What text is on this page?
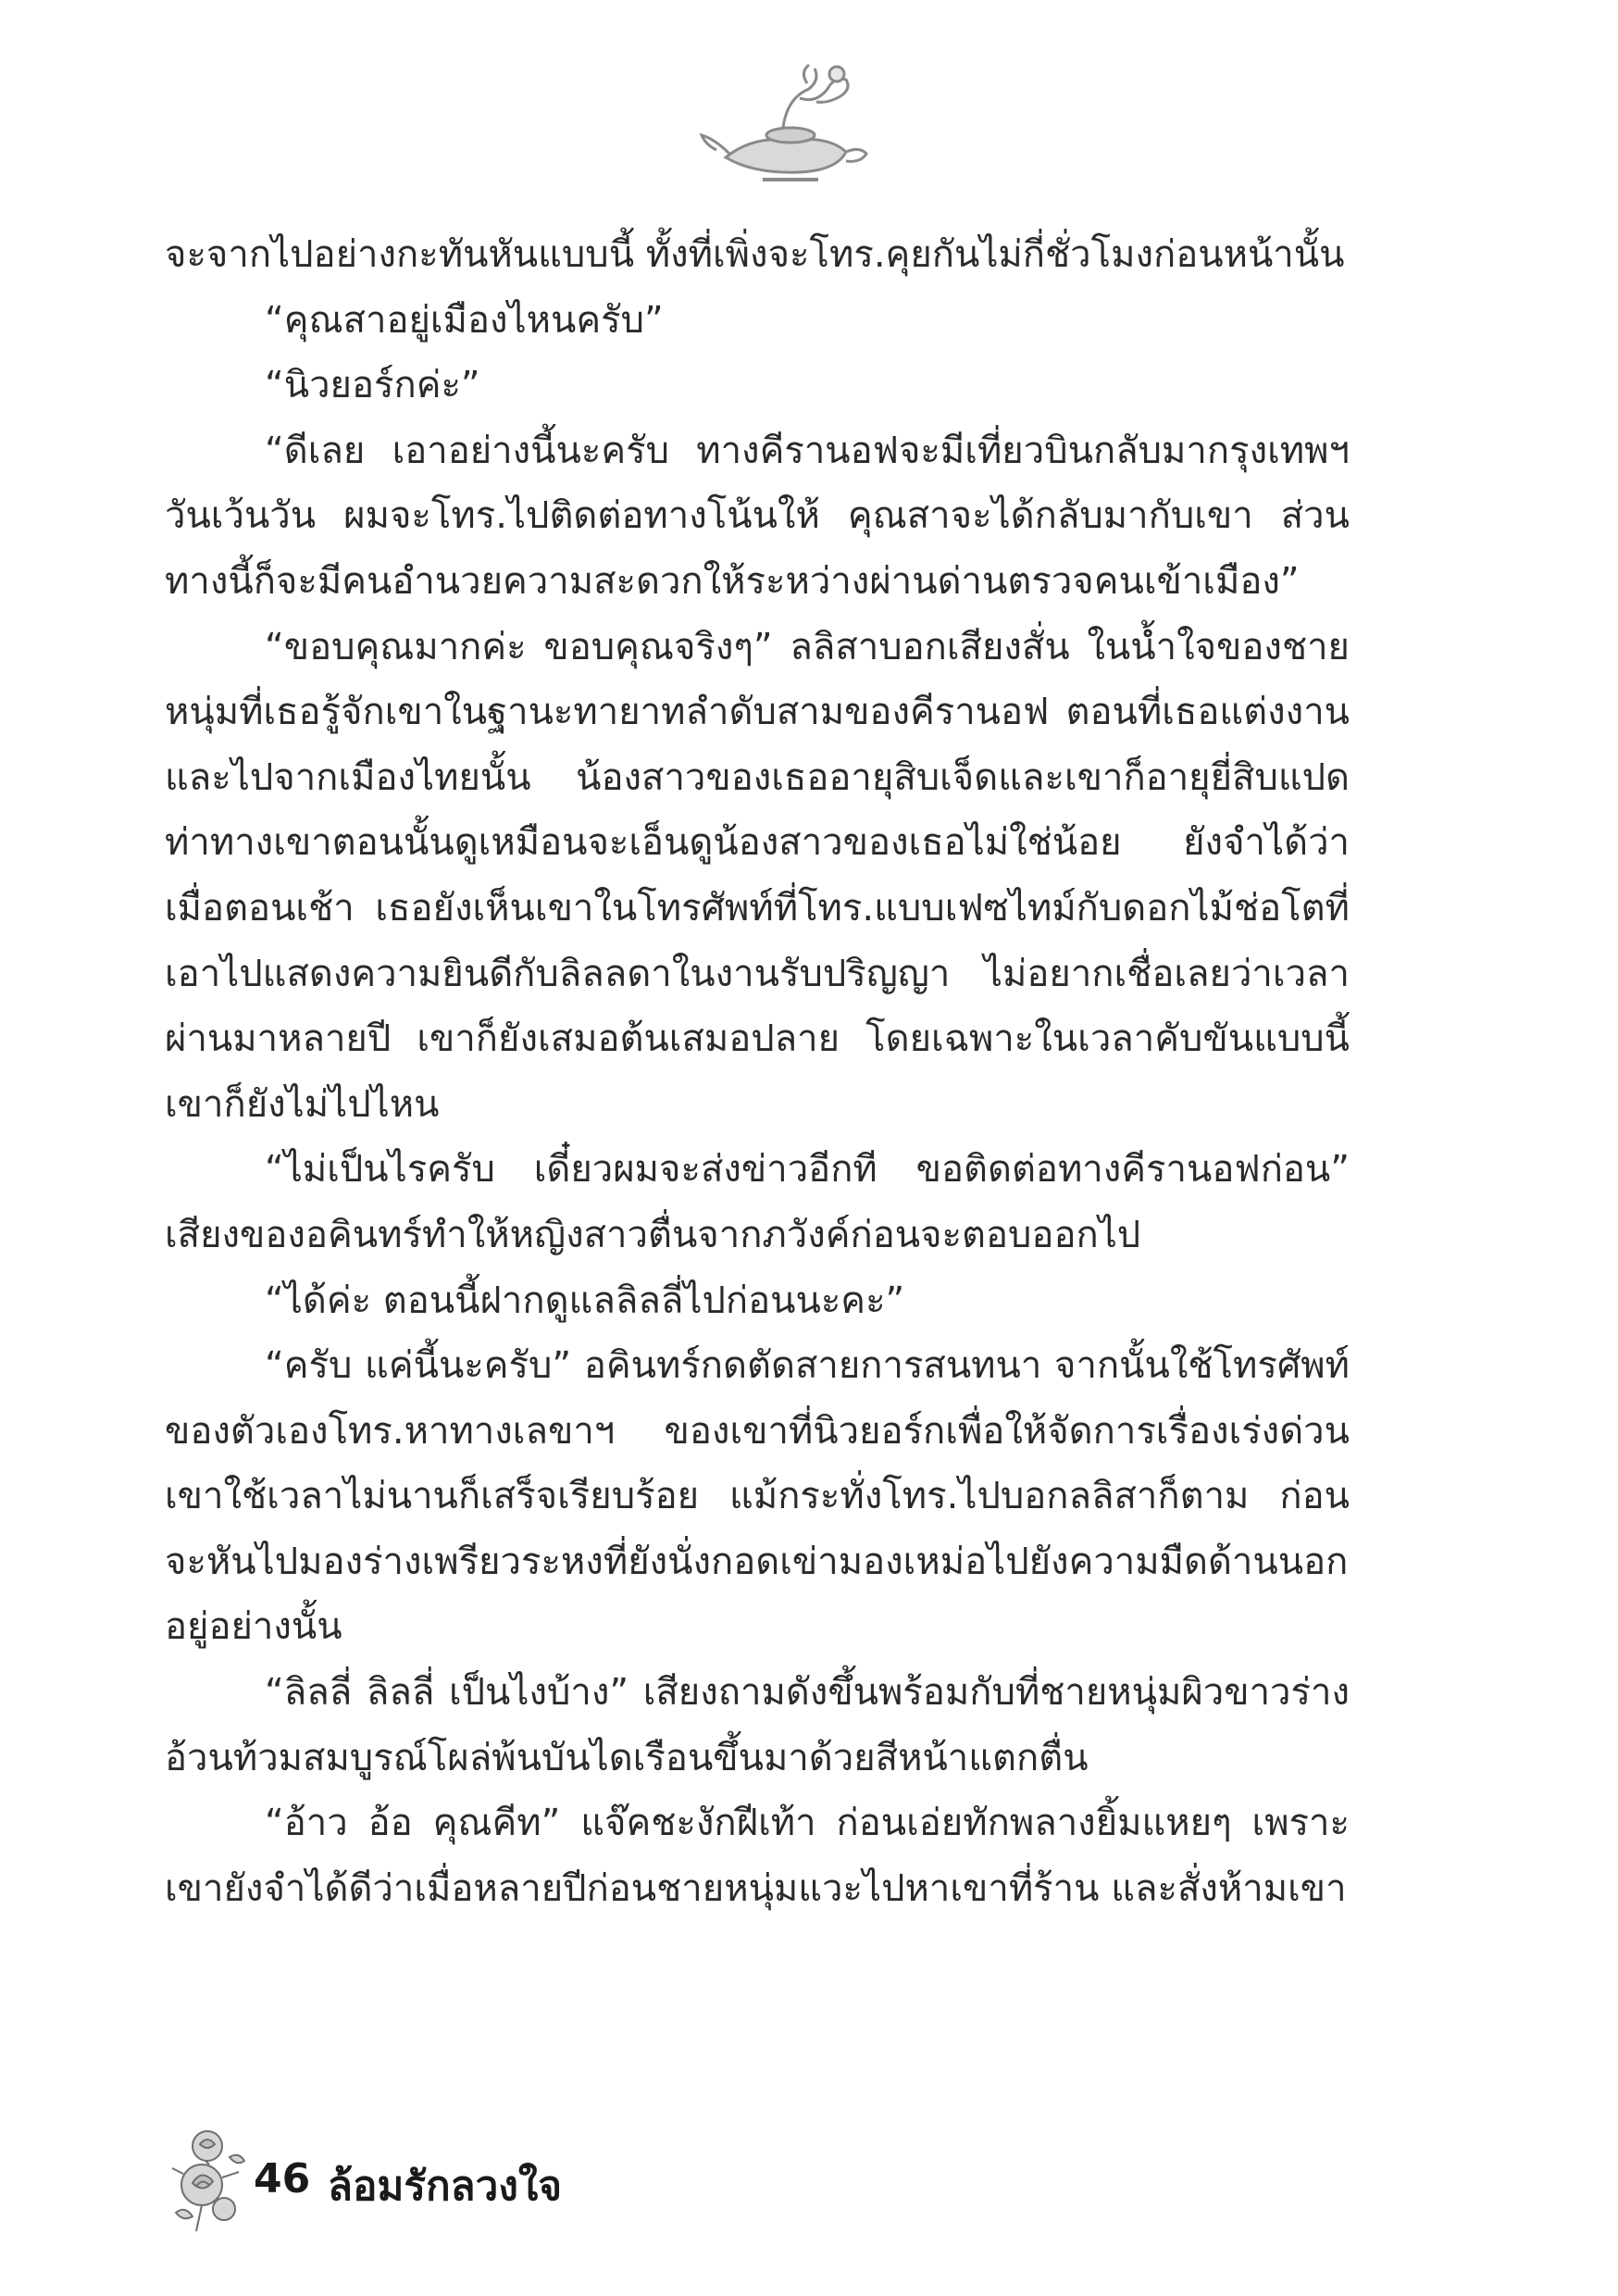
จะจากไปอย่างกะทันหันแบบนี้ ทั้งที่เพิ่งจะโทร.คุยกันไม่กี่ชั่วโมงก่อนหน้านั้น

“คุณสาอยู่เมืองไหนครับ”

“นิวยอร์กค่ะ”

“ดีเลย เอาอย่างนี้นะครับ ทางคีรานอฟจะมีเที่ยวบินกลับมากรุงเทพฯ วันเว้นวัน ผมจะโทร.ไปติดต่อทางโน้นให้ คุณสาจะได้กลับมากับเขา ส่วนทางนี้ก็จะมีคนอำนวยความสะดวกให้ระหว่างผ่านด่านตรวจคนเข้าเมือง”

“ขอบคุณมากค่ะ ขอบคุณจริงๆ” ลลิสาบอกเสียงสั่น ในน้ำใจของชายหนุ่มที่เธอรู้จักเขาในฐานะทายาทลำดับสามของคีรานอฟ ตอนที่เธอแต่งงานและไปจากเมืองไทยนั้น น้องสาวของเธออายุสิบเจ็ดและเขาก็อายุยี่สิบแปด ท่าทางเขาตอนนั้นดูเหมือนจะเอ็นดูน้องสาวของเธอไม่ใช่น้อย ยังจำได้ว่าเมื่อตอนเช้า เธอยังเห็นเขาในโทรศัพท์ที่โทร.แบบเฟซไทม์กับดอกไม้ช่อโตที่เอาไปแสดงความยินดีกับลิลลดาในงานรับปริญญา ไม่อยากเชื่อเลยว่าเวลาผ่านมาหลายปี เขาก็ยังเสมอต้นเสมอปลาย โดยเฉพาะในเวลาคับขันแบบนี้ เขาก็ยังไม่ไปไหน

“ไม่เป็นไรครับ เดี๋ยวผมจะส่งข่าวอีกที ขอติดต่อทางคีรานอฟก่อน” เสียงของอคินทร์ทำให้หญิงสาวตื่นจากภวังค์ก่อนจะตอบออกไป

“ได้ค่ะ ตอนนี้ฝากดูแลลิลลี่ไปก่อนนะคะ”

“ครับ แค่นี้นะครับ” อคินทร์กดตัดสายการสนทนา จากนั้นใช้โทรศัพท์ของตัวเองโทร.หาทางเลขาฯ ของเขาที่นิวยอร์กเพื่อให้จัดการเรื่องเร่งด่วน เขาใช้เวลาไม่นานก็เสร็จเรียบร้อย แม้กระทั่งโทร.ไปบอกลลิสาก็ตาม ก่อนจะหันไปมองร่างเพรียวระหงที่ยังนั่งกอดเข่ามองเหม่อไปยังความมืดด้านนอกอยู่อย่างนั้น

“ลิลลี่ ลิลลี่ เป็นไงบ้าง” เสียงถามดังขึ้นพร้อมกับที่ชายหนุ่มผิวขาวร่างอ้วนท้วมสมบูรณ์โผล่พ้นบันไดเรือนขึ้นมาด้วยสีหน้าแตกตื่น

“อ้าว อ้อ คุณคีท” แจ๊คชะงักฝีเท้า ก่อนเอ่ยทักพลางยิ้มแหยๆ เพราะเขายังจำได้ดีว่าเมื่อหลายปีก่อนชายหนุ่มแวะไปหาเขาที่ร้าน และสั่งห้ามเขา

46 ล้อมรักลวงใจ
